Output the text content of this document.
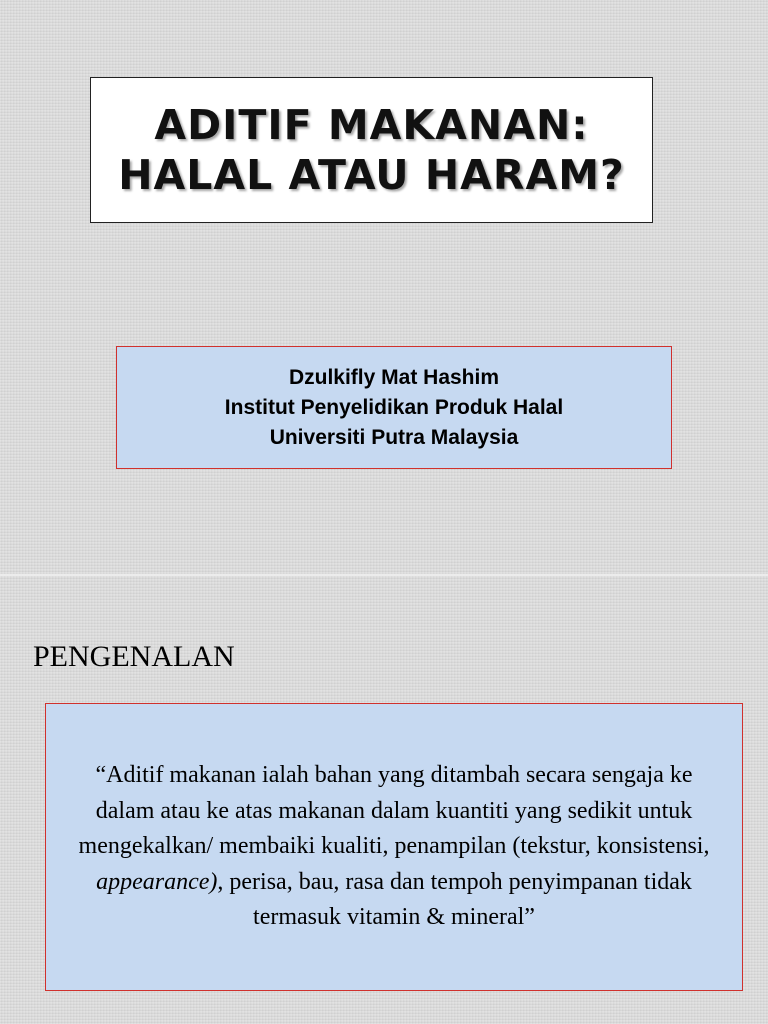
ADITIF MAKANAN:
HALAL ATAU HARAM?
Dzulkifly Mat Hashim
Institut Penyelidikan Produk Halal
Universiti Putra Malaysia
PENGENALAN
“Aditif makanan ialah bahan yang ditambah secara sengaja ke dalam atau ke atas makanan dalam kuantiti yang sedikit untuk mengekalkan/ membaiki kualiti, penampilan (tekstur, konsistensi, appearance), perisa, bau, rasa dan tempoh penyimpanan tidak termasuk vitamin & mineral”
